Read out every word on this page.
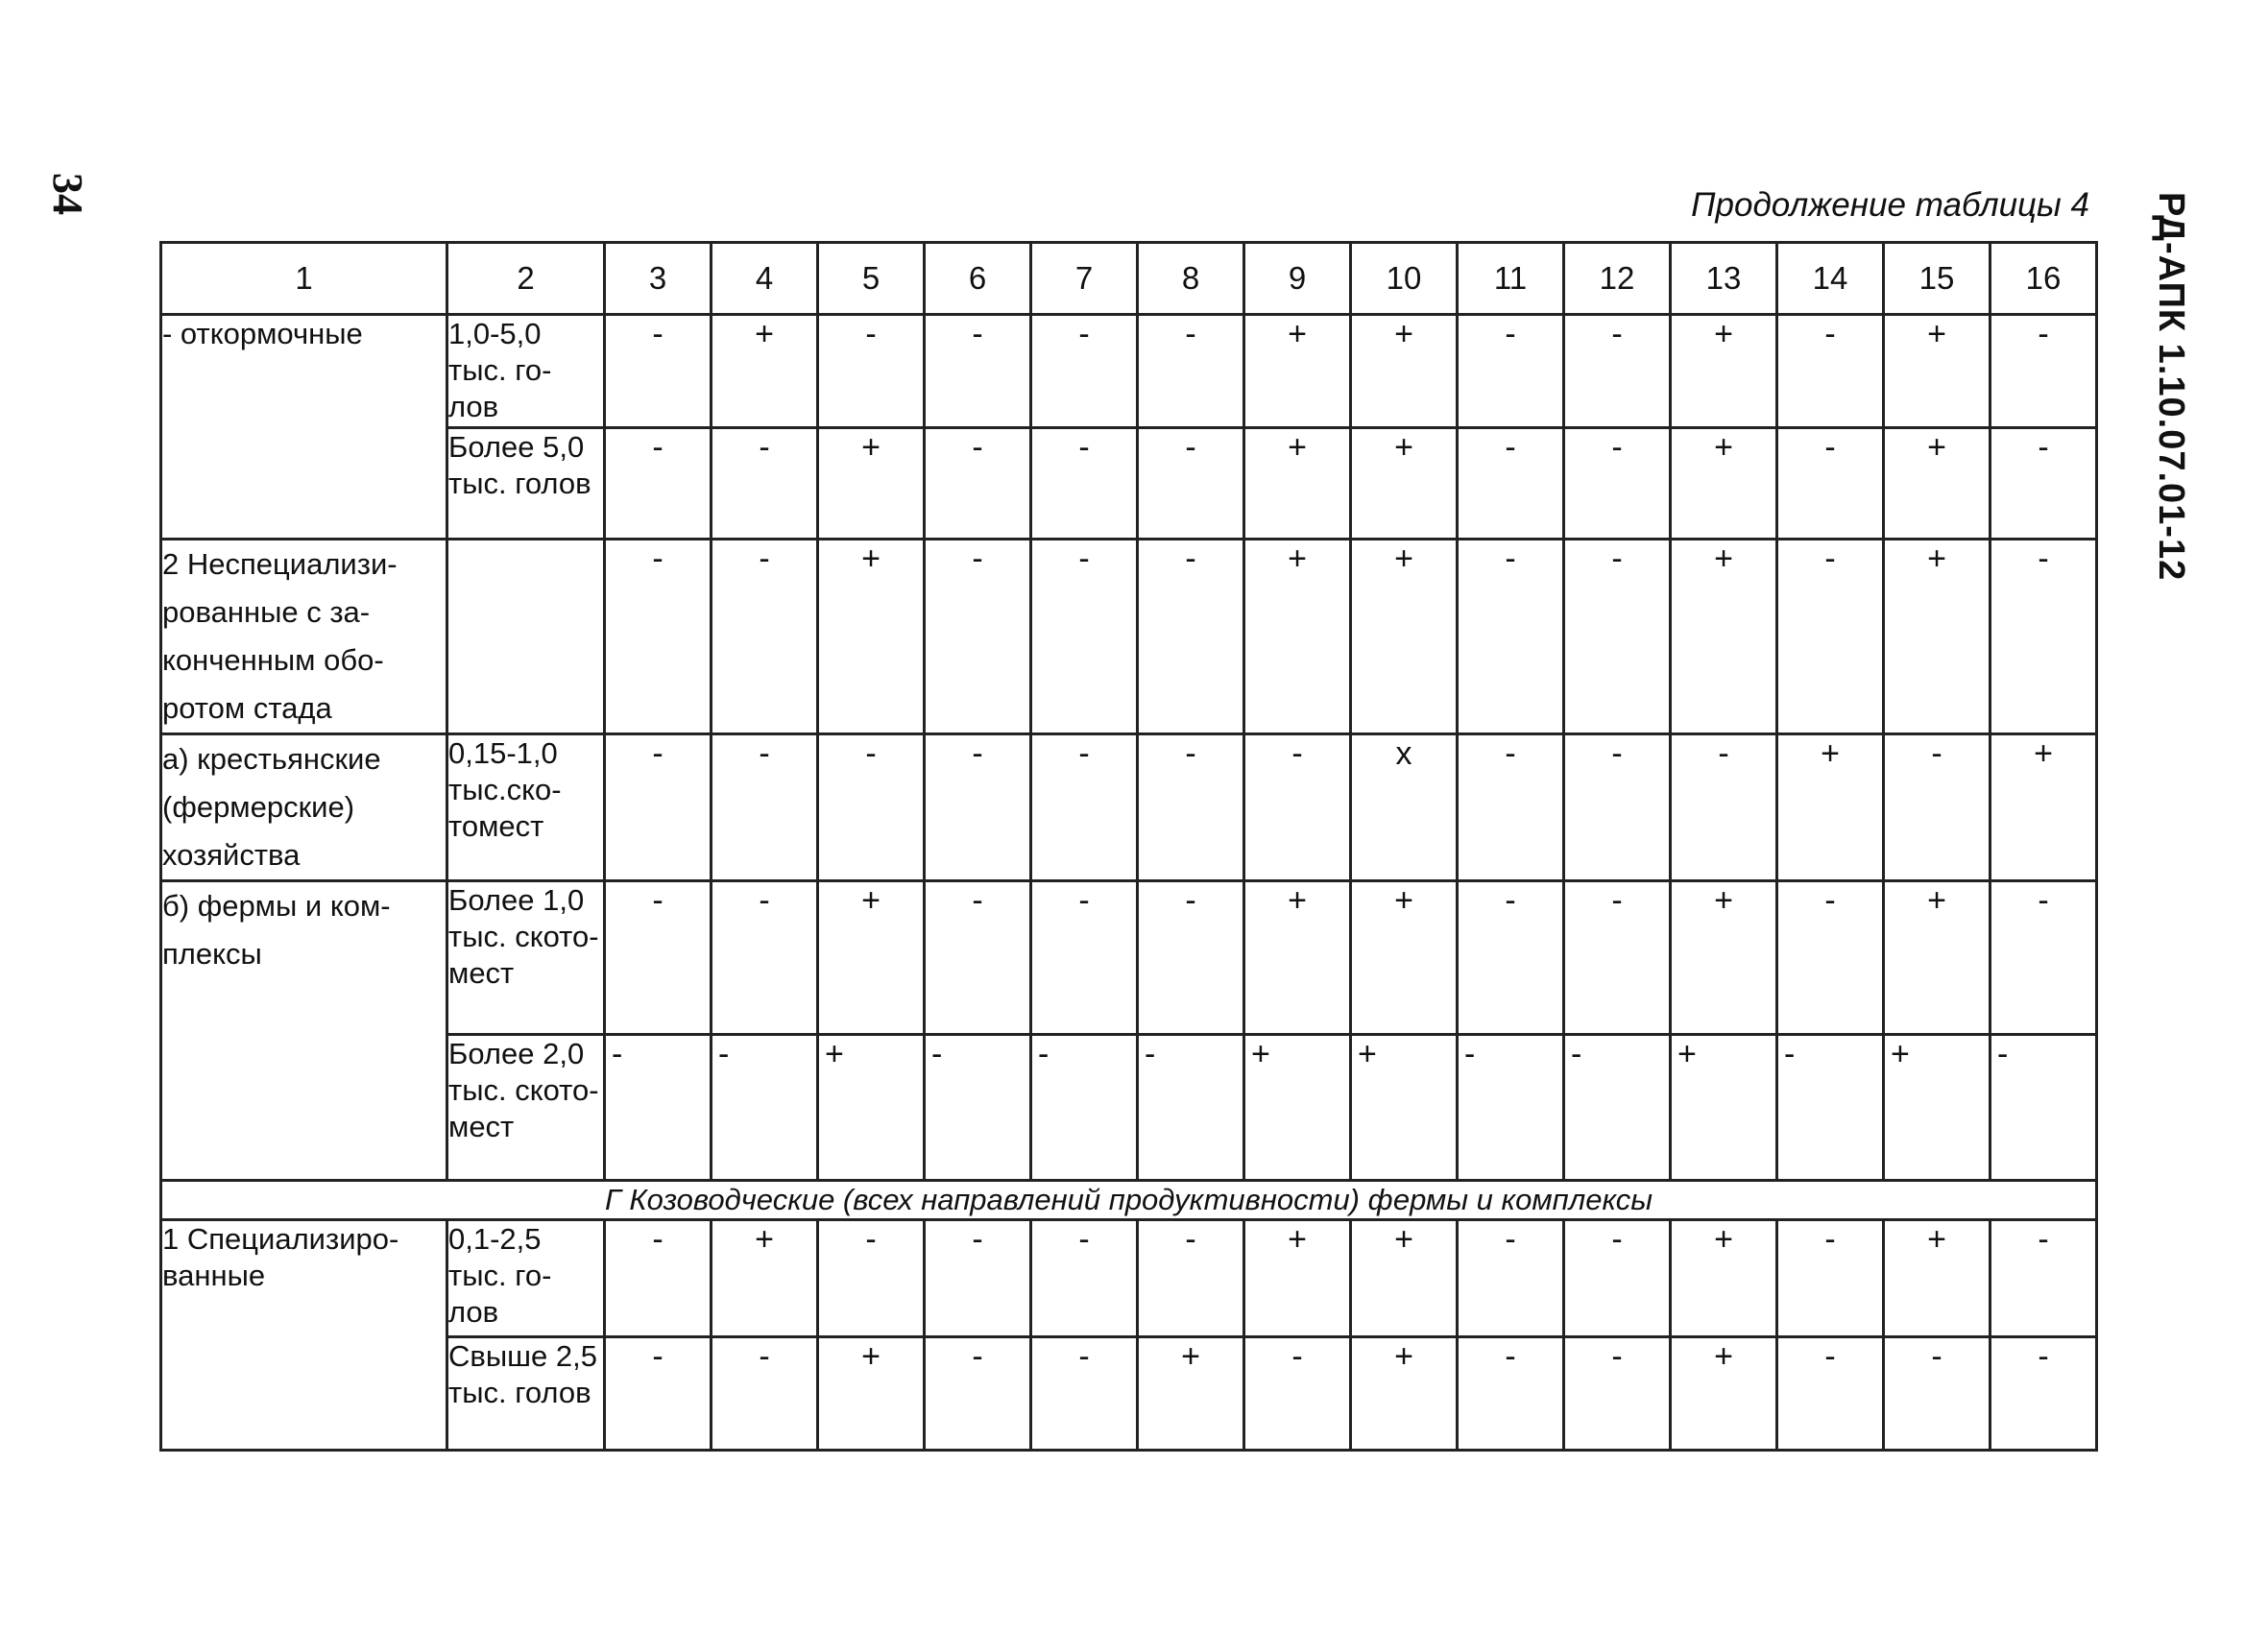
34	РД-АПК 1.10.07.01-12
Продолжение таблицы 4
1	2	3	4	5	6	7	8	9	10	11	12	13	14	15	16
- откормочные	1,0-5,0 тыс. го- лов	-	+	-	-	-	-	+	+	-	-	+	-	+	-
	Более 5,0 тыс. голов	-	-	+	-	-	-	+	+	-	-	+	-	+	-
2 Неспециализи- рованные с за- конченным обо- ротом стада		-	-	+	-	-	-	+	+	-	-	+	-	+	-
а) крестьянские (фермерские) хозяйства	0,15-1,0 тыс.ско- томест	-	-	-	-	-	-	-	x	-	-	-	+	-	+
б) фермы и ком- плексы	Более 1,0 тыс. ското- мест	-	-	+	-	-	-	+	+	-	-	+	-	+	-
	Более 2,0 тыс. ското- мест	-	-	+	-	-	-	+	+	-	-	+	-	+	-
Г Козоводческие (всех направлений продуктивности) фермы и комплексы															
1 Специализиро- ванные	0,1-2,5 тыс. го- лов	-	+	-	-	-	-	+	+	-	-	+	-	+	-
	Свыше 2,5 тыс. голов	-	-	+	-	-	+	-	+	-	-	+	-	-	-
